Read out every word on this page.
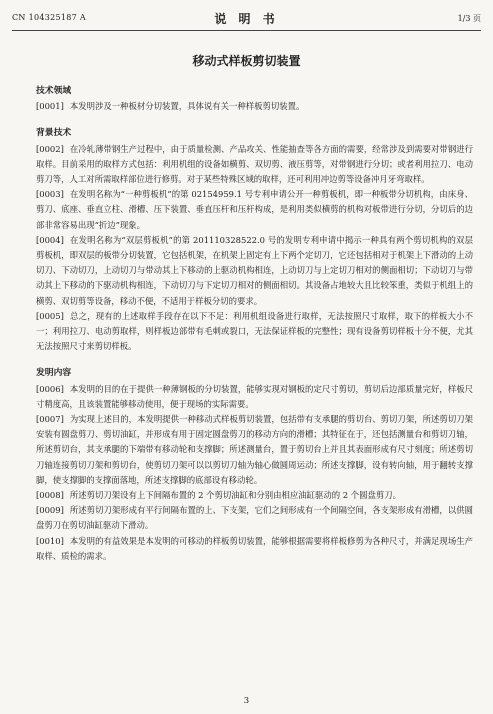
CN 104325187 A	说 明 书	1/3 页
移动式样板剪切装置
技术领域

[0001] 本发明涉及一种板材分切装置，具体说有关一种样板剪切装置。

背景技术

[0002] 在冷轧薄带钢生产过程中，由于质量检测、产品攻关、性能抽查等各方面的需要，经常涉及到需要对带钢进行取样。目前采用的取样方式包括：利用机组的设备如横剪、双切剪、液压剪等，对带钢进行分切；或者利用拉刀、电动剪刀等，人工对所需取样部位进行修剪。对于某些特殊区域的取样，还可利用冲边剪等设备冲月牙弯取样。

[0003] 在发明名称为“一种剪板机”的第 02154959.1 号专利申请公开一种剪板机，即一种板带分切机构，由床身、剪刀、底座、垂直立柱、滑槽、压下装置、垂直压杆和压杆构成，是利用类似横剪的机构对板带进行分切，分切后的边部非常容易出现“折边”现象。

[0004] 在发明名称为“双层剪板机”的第 201110328522.0 号的发明专利申请中揭示一种具有两个剪切机构的双层剪板机，即双层的板带分切装置，它包括机架，在机架上固定有上下两个定切刀，它还包括相对于机架上下滑动的上动切刀、下动切刀，上动切刀与带动其上下移动的上驱动机构相连，上动切刀与上定切刀相对的侧面相切；下动切刀与带动其上下移动的下驱动机构相连，下动切刀与下定切刀相对的侧面相切。其设备占地较大且比较笨重，类似于机组上的横剪、双切剪等设备，移动不便，不适用于样板分切的要求。

[0005] 总之，现有的上述取样手段存在以下不足：利用机组设备进行取样，无法按照尺寸取样，取下的样板大小不一；利用拉刀、电动剪取样，则样板边部带有毛刺或裂口，无法保证样板的完整性；现有设备剪切样板十分不便，尤其无法按照尺寸来剪切样板。

发明内容

[0006] 本发明的目的在于提供一种薄钢板的分切装置，能够实现对钢板的定尺寸剪切，剪切后边部质量完好，样板尺寸精度高，且该装置能够移动使用，便于现场的实际需要。

[0007] 为实现上述目的，本发明提供一种移动式样板剪切装置，包括带有支承腿的剪切台、剪切刀架，所述剪切刀架安装有圆盘剪刀、剪切油缸，并形成有用于固定圆盘剪刀的移动方向的滑槽；其特征在于，还包括测量台和剪切刀轴，所述剪切台，其支承腿的下端带有移动轮和支撑脚；所述测量台，置于剪切台上并且其表面形成有尺寸刻度；所述剪切刀轴连接剪切刀架和剪切台，使剪切刀架可以以剪切刀轴为轴心做圆周运动；所述支撑脚，设有转向轴，用于翻转支撑脚，使支撑脚的支撑面落地，所述支撑脚的底部设有移动轮。

[0008] 所述剪切刀架设有上下间隔布置的 2 个剪切油缸和分别由相应油缸驱动的 2 个圆盘剪刀。

[0009] 所述剪切刀架形成有平行间隔布置的上、下支架，它们之间形成有一个间隔空间，各支架形成有滑槽，以供圆盘剪刀在剪切油缸驱动下滑动。

[0010] 本发明的有益效果是本发明的可移动的样板剪切装置，能够根据需要将样板修剪为各种尺寸，并满足现场生产取样、质检的需求。

3
